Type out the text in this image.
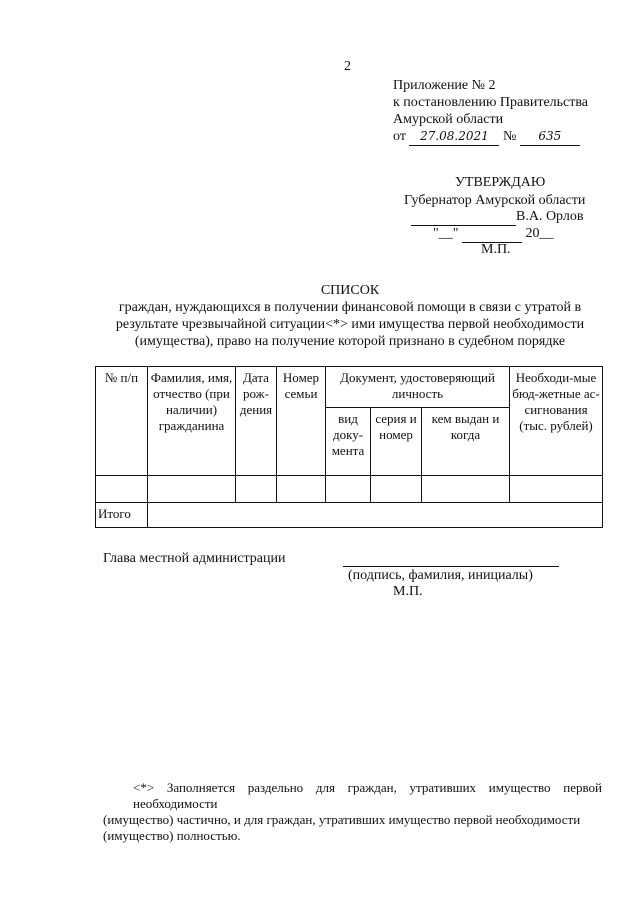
2
Приложение № 2
к постановлению Правительства
Амурской области
от 27.08.2021 № 635
УТВЕРЖДАЮ
Губернатор Амурской области
В.А. Орлов
"__"	20__
М.П.
СПИСОК
граждан, нуждающихся в получении финансовой помощи в связи с утратой в
результате чрезвычайной ситуации<*> ими имущества первой необходимости
(имущества), право на получение которой признано в судебном порядке
№ п/п	Фамилия, имя, отчество (при наличии) гражданина	Дата рож-дения	Номер семьи	Документ, удостоверяющий личность			Необходи-мые бюд-жетные ас-сигнования (тыс. рублей)
				вид доку-мента	серия и номер	кем выдан и когда	

Итого							
Глава местной администрации
(подпись, фамилия, инициалы)
М.П.
<*> Заполняется раздельно для граждан, утративших имущество первой необходимости
(имущество) частично, и для граждан, утративших имущество первой необходимости
(имущество) полностью.
